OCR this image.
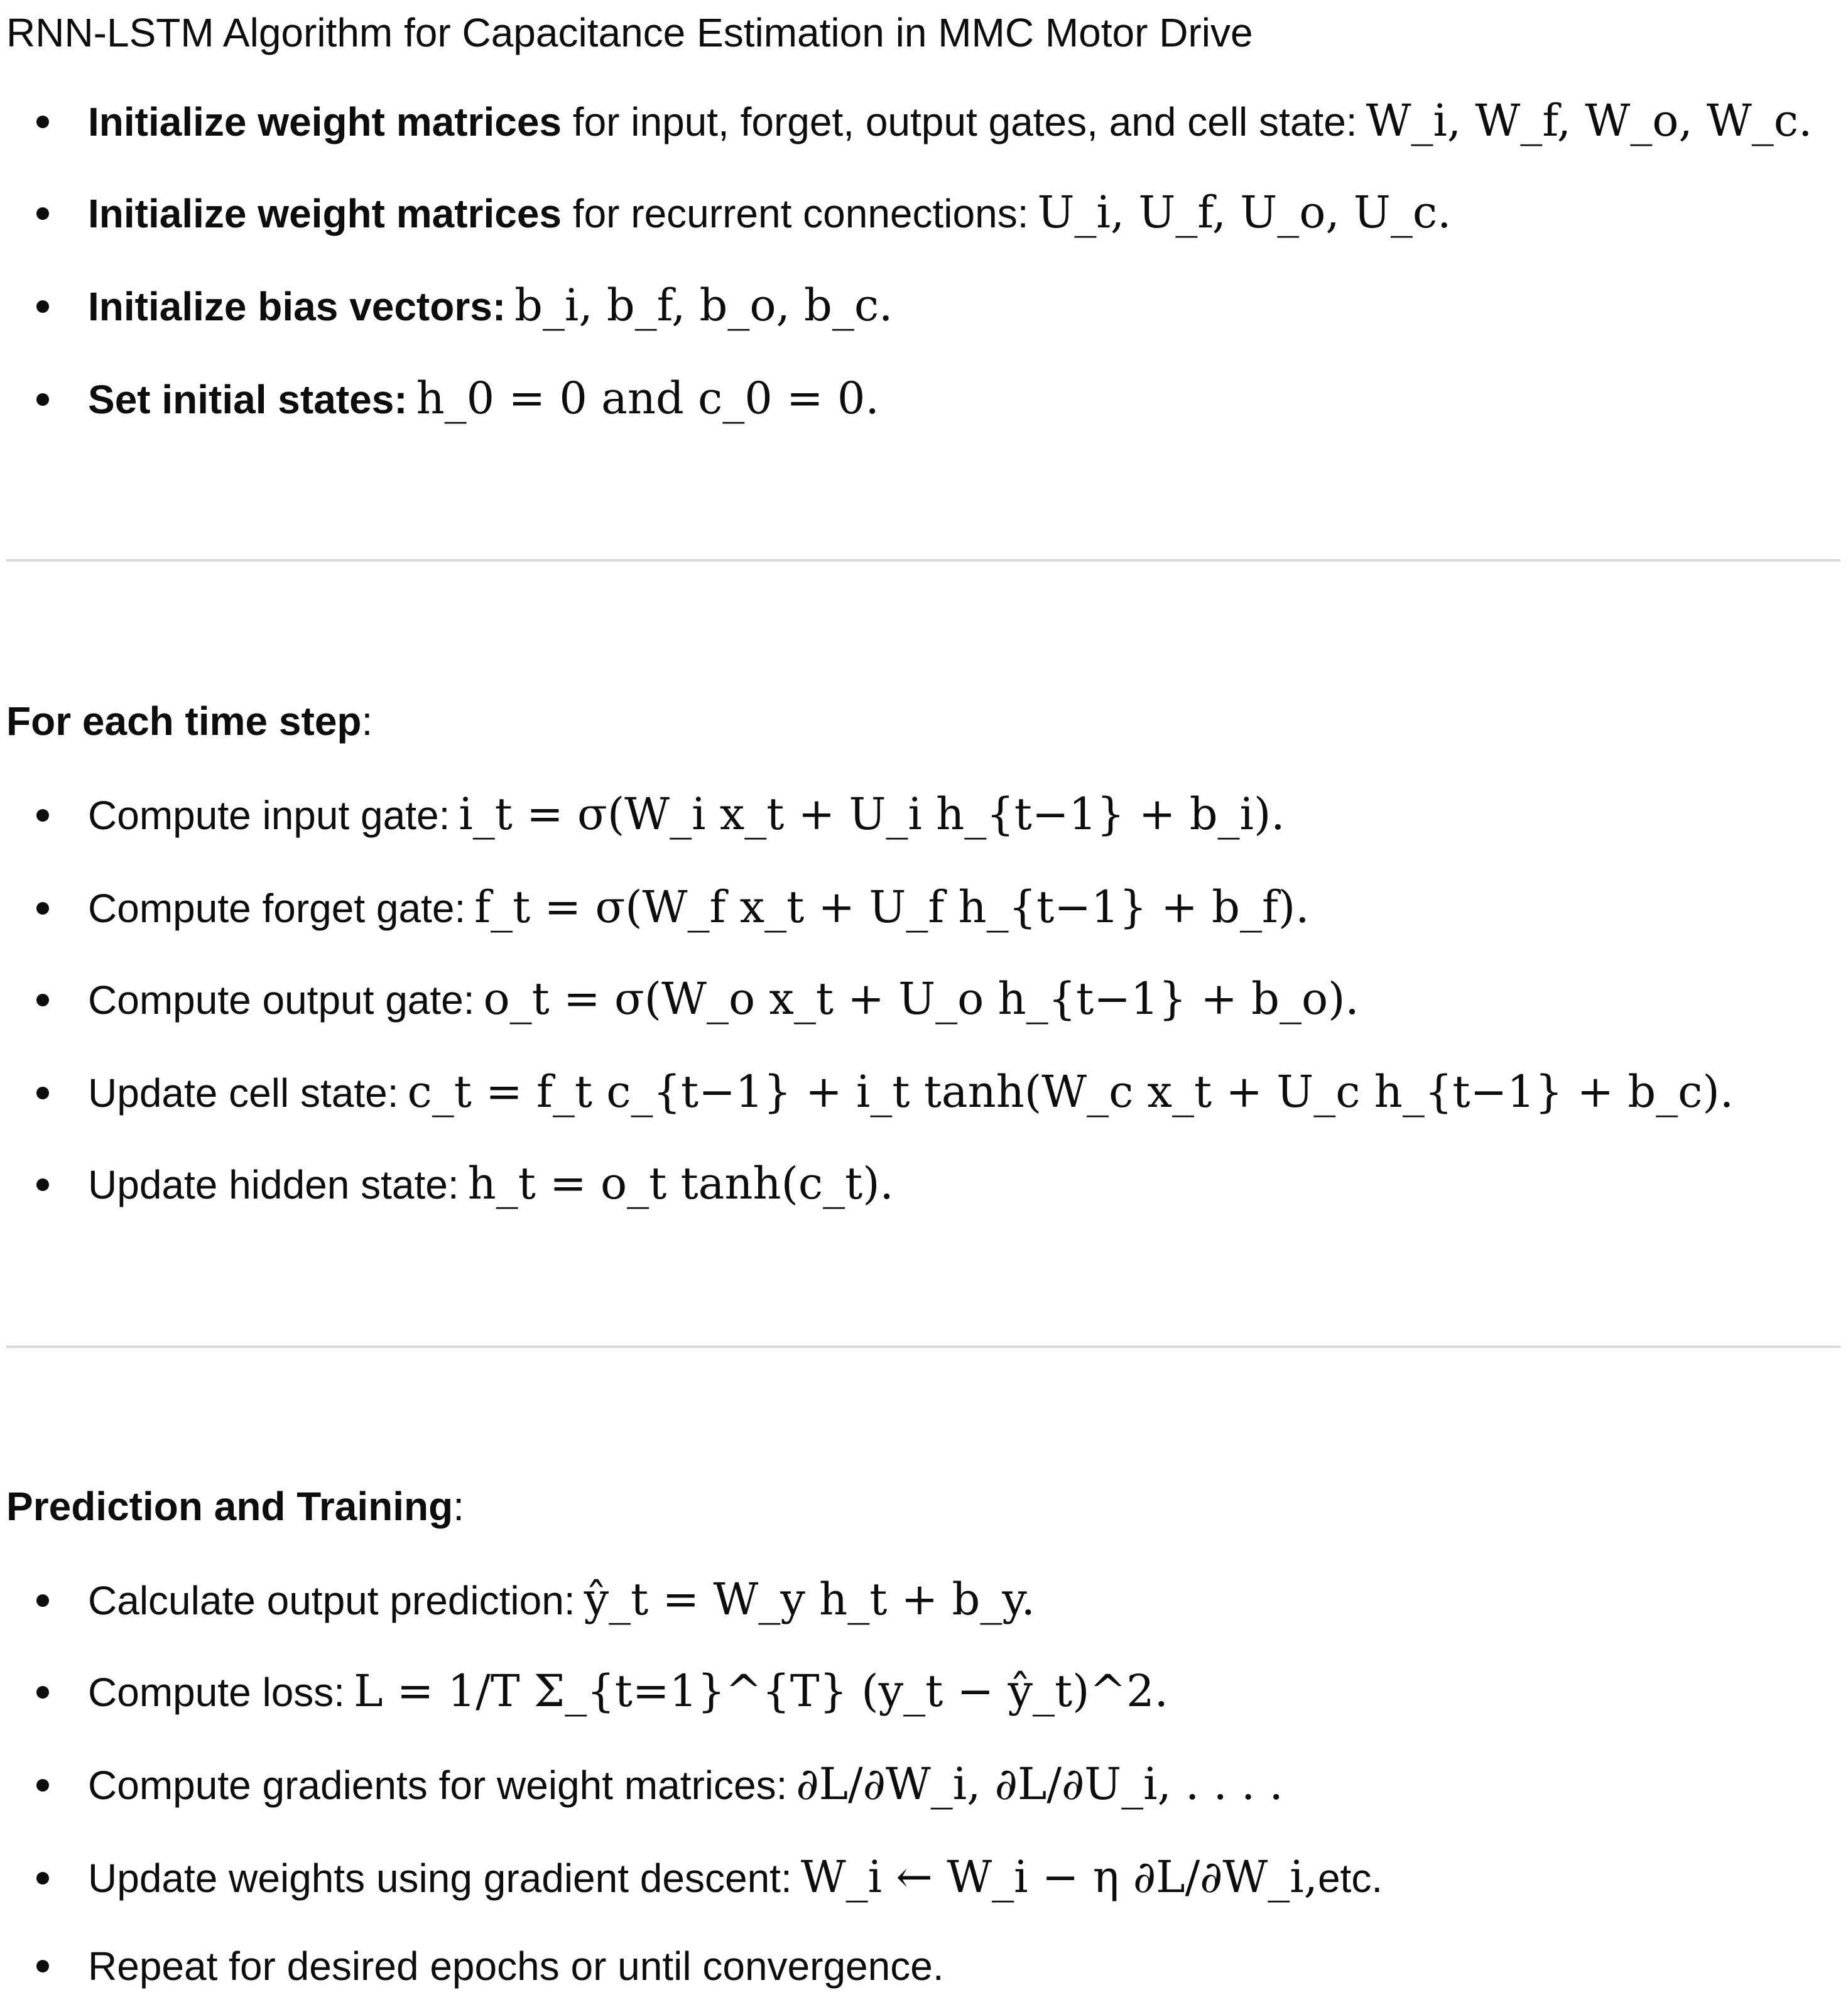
RNN-LSTM Algorithm for Capacitance Estimation in MMC Motor Drive
Initialize weight matrices for input, forget, output gates, and cell state: W_i, W_f, W_o, W_c.
Initialize weight matrices for recurrent connections: U_i, U_f, U_o, U_c.
Initialize bias vectors: b_i, b_f, b_o, b_c.
Set initial states: h_0 = 0 and c_0 = 0.
For each time step:
Compute input gate: i_t = σ(W_i x_t + U_i h_{t−1} + b_i).
Compute forget gate: f_t = σ(W_f x_t + U_f h_{t−1} + b_f).
Compute output gate: o_t = σ(W_o x_t + U_o h_{t−1} + b_o).
Update cell state: c_t = f_t c_{t−1} + i_t tanh(W_c x_t + U_c h_{t−1} + b_c).
Update hidden state: h_t = o_t tanh(c_t).
Prediction and Training:
Calculate output prediction: ŷ_t = W_y h_t + b_y.
Compute loss: L = 1/T Σ_{t=1}^{T} (y_t − ŷ_t)^2.
Compute gradients for weight matrices: ∂L/∂W_i, ∂L/∂U_i, . . . .
Update weights using gradient descent: W_i ← W_i − η ∂L/∂W_i, etc.
Repeat for desired epochs or until convergence.
